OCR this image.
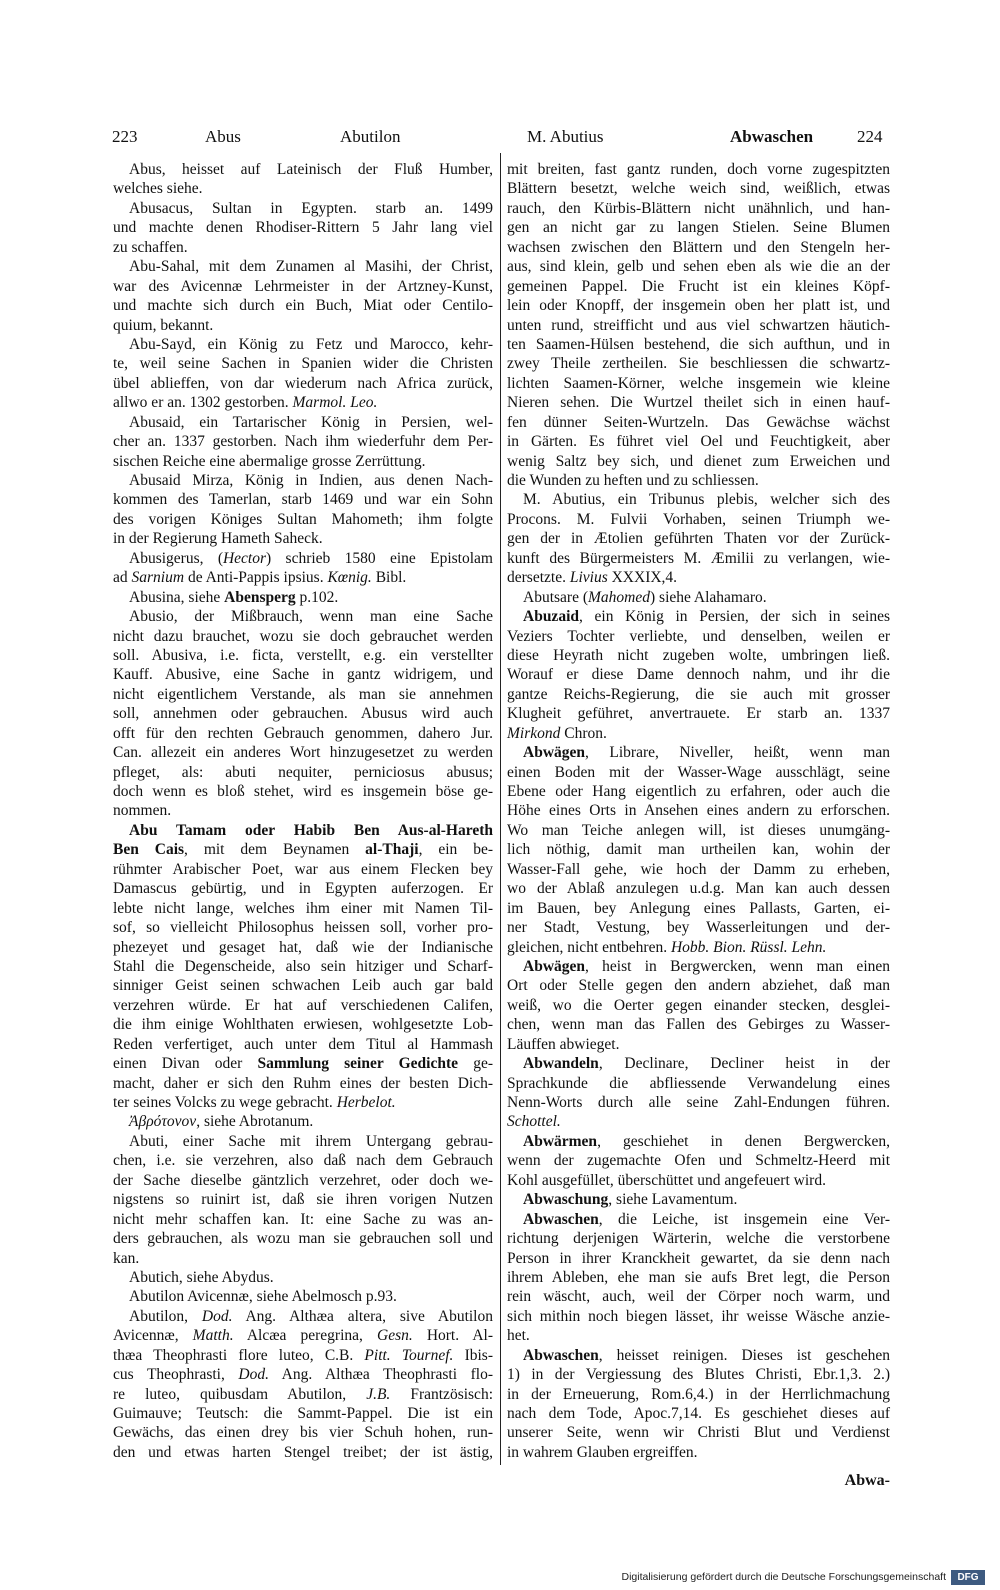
223	Abus	Abutilon	M. Abutius	Abwaschen	224
Abus, heisset auf Lateinisch der Fluß Humber,
welches siehe.
Abusacus, Sultan in Egypten. starb an. 1499
und machte denen Rhodiser-Rittern 5 Jahr lang viel
zu schaffen.
Abu-Sahal, mit dem Zunamen al Masihi, der Christ,
war des Avicennæ Lehrmeister in der Artzney-Kunst,
und machte sich durch ein Buch, Miat oder Centilo-
quium, bekannt.
Abu-Sayd, ein König zu Fetz und Marocco, kehr-
te, weil seine Sachen in Spanien wider die Christen
übel ablieffen, von dar wiederum nach Africa zurück,
allwo er an. 1302 gestorben. Marmol. Leo.
Abusaid, ein Tartarischer König in Persien, wel-
cher an. 1337 gestorben. Nach ihm wiederfuhr dem Per-
sischen Reiche eine abermalige grosse Zerrüttung.
Abusaid Mirza, König in Indien, aus denen Nach-
kommen des Tamerlan, starb 1469 und war ein Sohn
des vorigen Königes Sultan Mahometh; ihm folgte
in der Regierung Hameth Saheck.
Abusigerus, (Hector) schrieb 1580 eine Epistolam
ad Sarnium de Anti-Pappis ipsius. Kœnig. Bibl.
Abusina, siehe Abensperg p.102.
Abusio, der Mißbrauch, wenn man eine Sache
nicht dazu brauchet, wozu sie doch gebrauchet werden
soll. Abusiva, i.e. ficta, verstellt, e.g. ein verstellter
Kauff. Abusive, eine Sache in gantz widrigem, und
nicht eigentlichem Verstande, als man sie annehmen
soll, annehmen oder gebrauchen. Abusus wird auch
offt für den rechten Gebrauch genommen, dahero Jur.
Can. allezeit ein anderes Wort hinzugesetzet zu werden
pfleget, als: abuti nequiter, perniciosus abusus;
doch wenn es bloß stehet, wird es insgemein böse ge-
nommen.
Abu Tamam oder Habib Ben Aus-al-Hareth
Ben Cais, mit dem Beynamen al-Thaji, ein be-
rühmter Arabischer Poet, war aus einem Flecken bey
Damascus gebürtig, und in Egypten auferzogen. Er
lebte nicht lange, welches ihm einer mit Namen Til-
sof, so vielleicht Philosophus heissen soll, vorher pro-
phezeyet und gesaget hat, daß wie der Indianische
Stahl die Degenscheide, also sein hitziger und Scharf-
sinniger Geist seinen schwachen Leib auch gar bald
verzehren würde. Er hat auf verschiedenen Califen,
die ihm einige Wohlthaten erwiesen, wohlgesetzte Lob-
Reden verfertiget, auch unter dem Titul al Hammash
einen Divan oder Sammlung seiner Gedichte ge-
macht, daher er sich den Ruhm eines der besten Dich-
ter seines Volcks zu wege gebracht. Herbelot.
Ἀβρότονον, siehe Abrotanum.
Abuti, einer Sache mit ihrem Untergang gebrau-
chen, i.e. sie verzehren, also daß nach dem Gebrauch
der Sache dieselbe gäntzlich verzehret, oder doch we-
nigstens so ruinirt ist, daß sie ihren vorigen Nutzen
nicht mehr schaffen kan. It: eine Sache zu was an-
ders gebrauchen, als wozu man sie gebrauchen soll und
kan.
Abutich, siehe Abydus.
Abutilon Avicennæ, siehe Abelmosch p.93.
Abutilon, Dod. Ang. Althæa altera, sive Abutilon
Avicennæ, Matth. Alcæa peregrina, Gesn. Hort. Al-
thæa Theophrasti flore luteo, C.B. Pitt. Tournef. Ibis-
cus Theophrasti, Dod. Ang. Althæa Theophrasti flo-
re luteo, quibusdam Abutilon, J.B. Frantzösisch:
Guimauve; Teutsch: die Sammt-Pappel. Die ist ein
Gewächs, das einen drey bis vier Schuh hohen, run-
den und etwas harten Stengel treibet; der ist ästig,
mit breiten, fast gantz runden, doch vorne zugespitzten
Blättern besetzt, welche weich sind, weißlich, etwas
rauch, den Kürbis-Blättern nicht unähnlich, und han-
gen an nicht gar zu langen Stielen. Seine Blumen
wachsen zwischen den Blättern und den Stengeln her-
aus, sind klein, gelb und sehen eben als wie die an der
gemeinen Pappel. Die Frucht ist ein kleines Köpf-
lein oder Knopff, der insgemein oben her platt ist, und
unten rund, streifficht und aus viel schwartzen häutich-
ten Saamen-Hülsen bestehend, die sich aufthun, und in
zwey Theile zertheilen. Sie beschliessen die schwartz-
lichten Saamen-Körner, welche insgemein wie kleine
Nieren sehen. Die Wurtzel theilet sich in einen hauf-
fen dünner Seiten-Wurtzeln. Das Gewächse wächst
in Gärten. Es führet viel Oel und Feuchtigkeit, aber
wenig Saltz bey sich, und dienet zum Erweichen und
die Wunden zu heften und zu schliessen.
M. Abutius, ein Tribunus plebis, welcher sich des
Procons. M. Fulvii Vorhaben, seinen Triumph we-
gen der in Ætolien geführten Thaten vor der Zurück-
kunft des Bürgermeisters M. Æmilii zu verlangen, wie-
dersetzte. Livius XXXIX,4.
Abutsare (Mahomed) siehe Alahamaro.
Abuzaid, ein König in Persien, der sich in seines
Veziers Tochter verliebte, und denselben, weilen er
diese Heyrath nicht zugeben wolte, umbringen ließ.
Worauf er diese Dame dennoch nahm, und ihr die
gantze Reichs-Regierung, die sie auch mit grosser
Klugheit geführet, anvertrauete. Er starb an. 1337
Mirkond Chron.
Abwägen, Librare, Niveller, heißt, wenn man
einen Boden mit der Wasser-Wage ausschlägt, seine
Ebene oder Hang eigentlich zu erfahren, oder auch die
Höhe eines Orts in Ansehen eines andern zu erforschen.
Wo man Teiche anlegen will, ist dieses unumgäng-
lich nöthig, damit man urtheilen kan, wohin der
Wasser-Fall gehe, wie hoch der Damm zu erheben,
wo der Ablaß anzulegen u.d.g. Man kan auch dessen
im Bauen, bey Anlegung eines Pallasts, Garten, ei-
ner Stadt, Vestung, bey Wasserleitungen und der-
gleichen, nicht entbehren. Hobb. Bion. Rüssl. Lehn.
Abwägen, heist in Bergwercken, wenn man einen
Ort oder Stelle gegen den andern abziehet, daß man
weiß, wo die Oerter gegen einander stecken, desglei-
chen, wenn man das Fallen des Gebirges zu Wasser-
Läuffen abwieget.
Abwandeln, Declinare, Decliner heist in der
Sprachkunde die abfliessende Verwandelung eines
Nenn-Worts durch alle seine Zahl-Endungen führen.
Schottel.
Abwärmen, geschiehet in denen Bergwercken,
wenn der zugemachte Ofen und Schmeltz-Heerd mit
Kohl ausgefüllet, überschüttet und angefeuert wird.
Abwaschung, siehe Lavamentum.
Abwaschen, die Leiche, ist insgemein eine Ver-
richtung derjenigen Wärterin, welche die verstorbene
Person in ihrer Kranckheit gewartet, da sie denn nach
ihrem Ableben, ehe man sie aufs Bret legt, die Person
rein wäscht, auch, weil der Cörper noch warm, und
sich mithin noch biegen lässet, ihr weisse Wäsche anzie-
het.
Abwaschen, heisset reinigen. Dieses ist geschehen
1) in der Vergiessung des Blutes Christi, Ebr.1,3. 2.)
in der Erneuerung, Rom.6,4.) in der Herrlichmachung
nach dem Tode, Apoc.7,14. Es geschiehet dieses auf
unserer Seite, wenn wir Christi Blut und Verdienst
in wahrem Glauben ergreiffen.
Abwa-
Digitalisierung gefördert durch die Deutsche Forschungsgemeinschaft	DFG
